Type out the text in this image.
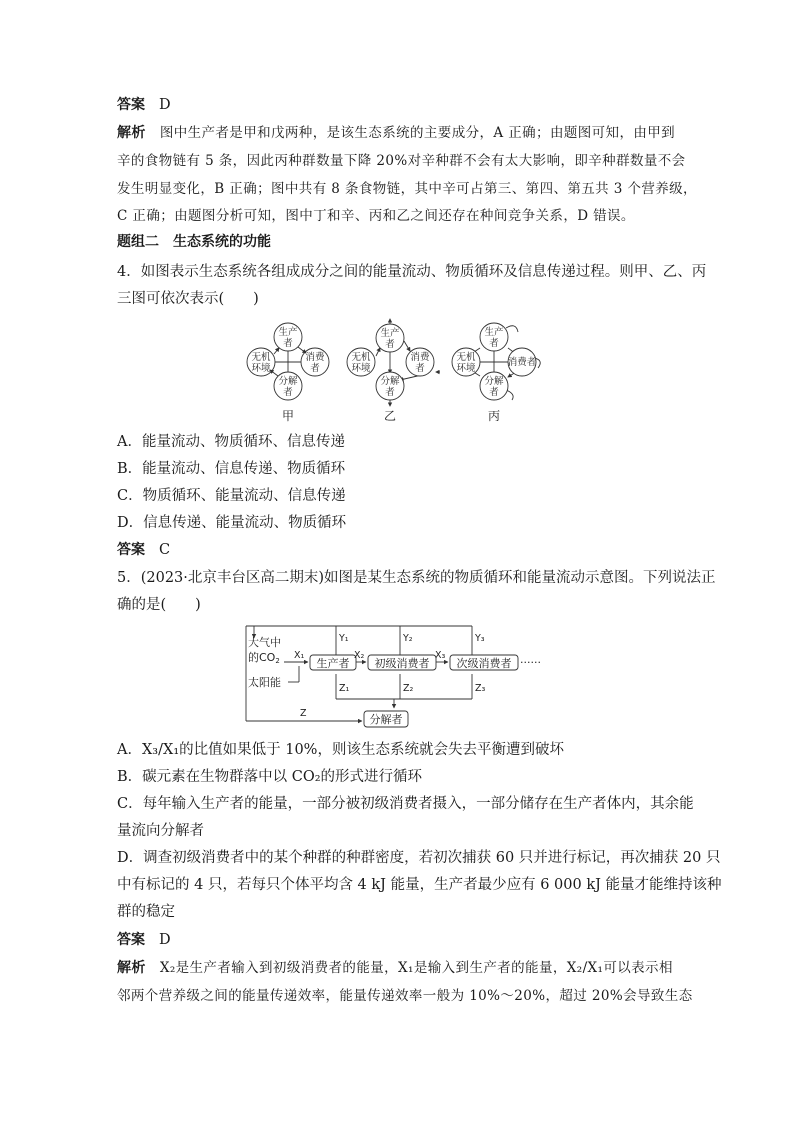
答案 D
解析 图中生产者是甲和戊两种，是该生态系统的主要成分，A 正确；由题图可知，由甲到
辛的食物链有 5 条，因此丙种群数量下降 20%对辛种群不会有太大影响，即辛种群数量不会
发生明显变化，B 正确；图中共有 8 条食物链，其中辛可占第三、第四、第五共 3 个营养级，
C 正确；由题图分析可知，图中丁和辛、丙和乙之间还存在种间竞争关系，D 错误。
题组二　生态系统的功能
4．如图表示生态系统各组成成分之间的能量流动、物质循环及信息传递过程。则甲、乙、丙
三图可依次表示(　　)
生产
者
无机
环境
消费
者
分解
者
甲
生产
者
无机
环境
消费
者
分解
者
乙
生产
者
无机
环境
消费者
分解
者
丙
A．能量流动、物质循环、信息传递
B．能量流动、信息传递、物质循环
C．物质循环、能量流动、信息传递
D．信息传递、能量流动、物质循环
答案 C
5．(2023·北京丰台区高二期末)如图是某生态系统的物质循环和能量流动示意图。下列说法正
确的是(　　)
大气中
的CO2
太阳能
生产者 初级消费者 次级消费者
分解者
······
X₁	X₂	X₃
Y₁	Y₂	Y₃
Z₁	Z₂	Z₃
Z
A．X₃/X₁的比值如果低于 10%，则该生态系统就会失去平衡遭到破坏
B．碳元素在生物群落中以 CO₂的形式进行循环
C．每年输入生产者的能量，一部分被初级消费者摄入，一部分储存在生产者体内，其余能
量流向分解者
D．调查初级消费者中的某个种群的种群密度，若初次捕获 60 只并进行标记，再次捕获 20 只
中有标记的 4 只，若每只个体平均含 4 kJ 能量，生产者最少应有 6 000 kJ 能量才能维持该种
群的稳定
答案 D
解析 X₂是生产者输入到初级消费者的能量，X₁是输入到生产者的能量，X₂/X₁可以表示相
邻两个营养级之间的能量传递效率，能量传递效率一般为 10%～20%，超过 20%会导致生态
